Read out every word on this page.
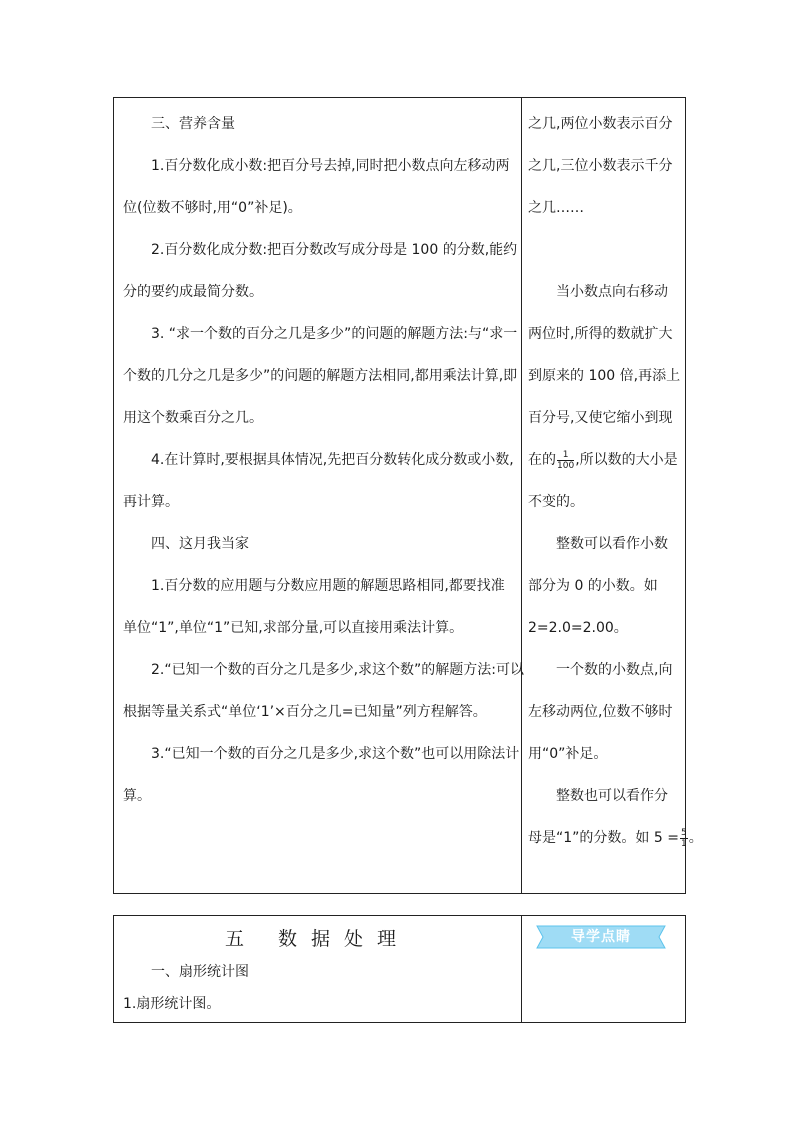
三、营养含量
1.百分数化成小数:把百分号去掉,同时把小数点向左移动两
位(位数不够时,用“0”补足)。
2.百分数化成分数:把百分数改写成分母是 100 的分数,能约
分的要约成最简分数。
3. “求一个数的百分之几是多少”的问题的解题方法:与“求一
个数的几分之几是多少”的问题的解题方法相同,都用乘法计算,即
用这个数乘百分之几。
4.在计算时,要根据具体情况,先把百分数转化成分数或小数,
再计算。
四、这月我当家
1.百分数的应用题与分数应用题的解题思路相同,都要找准
单位“1”,单位“1”已知,求部分量,可以直接用乘法计算。
2.“已知一个数的百分之几是多少,求这个数”的解题方法:可以
根据等量关系式“单位‘1’×百分之几=已知量”列方程解答。
3.“已知一个数的百分之几是多少,求这个数”也可以用除法计
算。
之几,两位小数表示百分
之几,三位小数表示千分
之几……
当小数点向右移动
两位时,所得的数就扩大
到原来的 100 倍,再添上
百分号,又使它缩小到现
在的 $\frac{1}{100}$ ,所以数的大小是
不变的。
整数可以看作小数
部分为 0 的小数。如
2=2.0=2.00。
一个数的小数点,向
左移动两位,位数不够时
用“0”补足。
整数也可以看作分
母是“1”的分数。如 $5 = \frac{5}{1}$ 。
五 数据处理
一、扇形统计图
1.扇形统计图。
导学点睛
